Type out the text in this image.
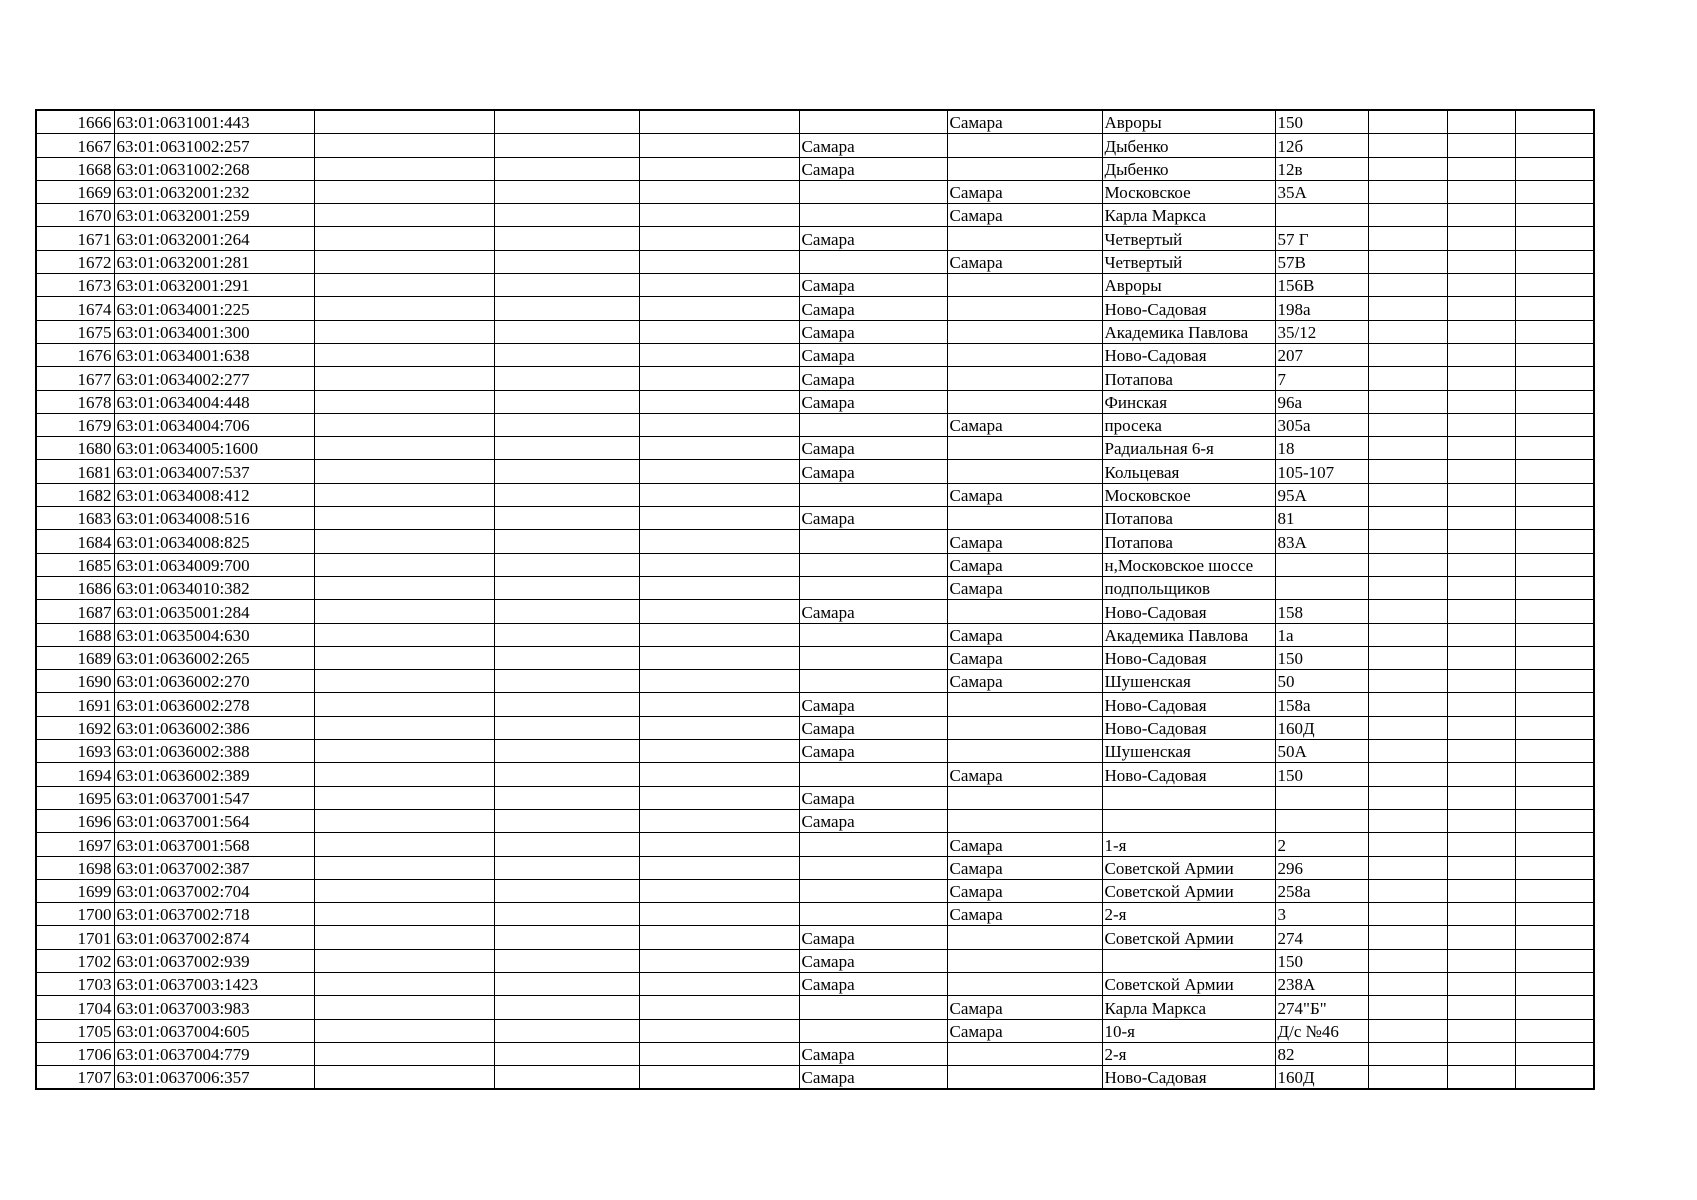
1666	63:01:0631001:443					Самара	Авроры	150			
1667	63:01:0631002:257				Самара		Дыбенко	12б			
1668	63:01:0631002:268				Самара		Дыбенко	12в			
1669	63:01:0632001:232					Самара	Московское	35А			
1670	63:01:0632001:259					Самара	Карла Маркса				
1671	63:01:0632001:264				Самара		Четвертый	57 Г			
1672	63:01:0632001:281					Самара	Четвертый	57В			
1673	63:01:0632001:291				Самара		Авроры	156В			
1674	63:01:0634001:225				Самара		Ново-Садовая	198а			
1675	63:01:0634001:300				Самара		Академика Павлова	35/12			
1676	63:01:0634001:638				Самара		Ново-Садовая	207			
1677	63:01:0634002:277				Самара		Потапова	7			
1678	63:01:0634004:448				Самара		Финская	96а			
1679	63:01:0634004:706					Самара	просека	305а			
1680	63:01:0634005:1600				Самара		Радиальная 6-я	18			
1681	63:01:0634007:537				Самара		Кольцевая	105-107			
1682	63:01:0634008:412					Самара	Московское	95А			
1683	63:01:0634008:516				Самара		Потапова	81			
1684	63:01:0634008:825					Самара	Потапова	83А			
1685	63:01:0634009:700					Самара	н,Московское шоссе				
1686	63:01:0634010:382					Самара	подпольщиков				
1687	63:01:0635001:284				Самара		Ново-Садовая	158			
1688	63:01:0635004:630					Самара	Академика Павлова	1а			
1689	63:01:0636002:265					Самара	Ново-Садовая	150			
1690	63:01:0636002:270					Самара	Шушенская	50			
1691	63:01:0636002:278				Самара		Ново-Садовая	158а			
1692	63:01:0636002:386				Самара		Ново-Садовая	160Д			
1693	63:01:0636002:388				Самара		Шушенская	50А			
1694	63:01:0636002:389					Самара	Ново-Садовая	150			
1695	63:01:0637001:547				Самара						
1696	63:01:0637001:564				Самара						
1697	63:01:0637001:568					Самара	1-я	2			
1698	63:01:0637002:387					Самара	Советской Армии	296			
1699	63:01:0637002:704					Самара	Советской Армии	258а			
1700	63:01:0637002:718					Самара	2-я	3			
1701	63:01:0637002:874				Самара		Советской Армии	274			
1702	63:01:0637002:939				Самара			150			
1703	63:01:0637003:1423				Самара		Советской Армии	238А			
1704	63:01:0637003:983					Самара	Карла Маркса	274"Б"			
1705	63:01:0637004:605					Самара	10-я	Д/с №46			
1706	63:01:0637004:779				Самара		2-я	82			
1707	63:01:0637006:357				Самара		Ново-Садовая	160Д			
